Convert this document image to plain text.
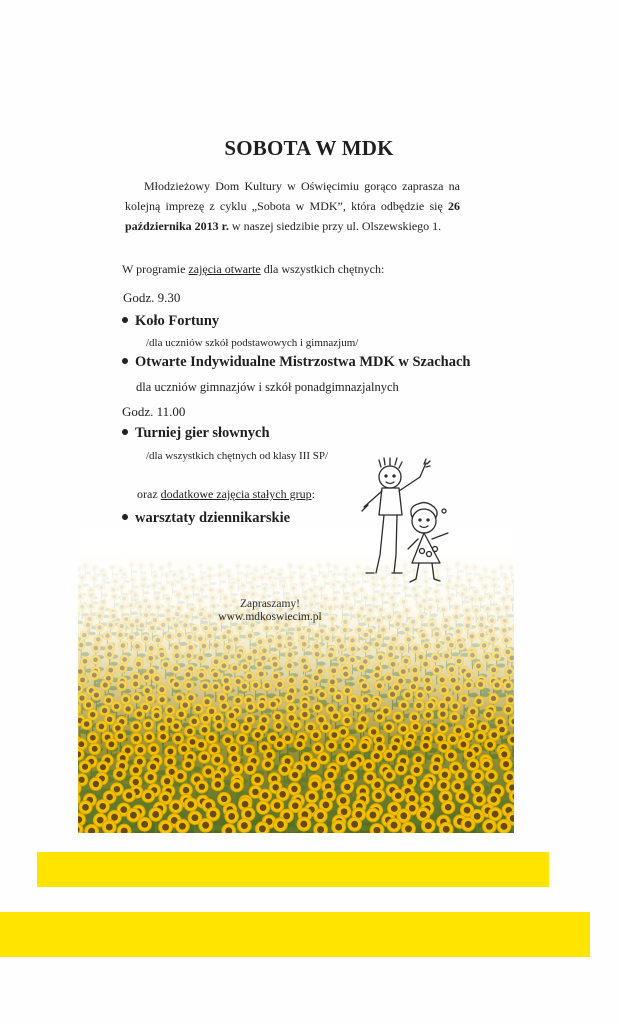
SOBOTA W MDK

Młodzieżowy Dom Kultury w Oświęcimiu gorąco zaprasza na kolejną imprezę z cyklu „Sobota w MDK”, która odbędzie się 26 października 2013 r. w naszej siedzibie przy ul. Olszewskiego 1.

W programie zajęcia otwarte dla wszystkich chętnych:
Godz. 9.30
Koło Fortuny
/dla uczniów szkół podstawowych i gimnazjum/
Otwarte Indywidualne Mistrzostwa MDK w Szachach
dla uczniów gimnazjów i szkół ponadgimnazjalnych
Godz. 11.00
Turniej gier słownych
/dla wszystkich chętnych od klasy III SP/
oraz dodatkowe zajęcia stałych grup:
warsztaty dziennikarskie
Zapraszamy!
www.mdkoswiecim.pl
